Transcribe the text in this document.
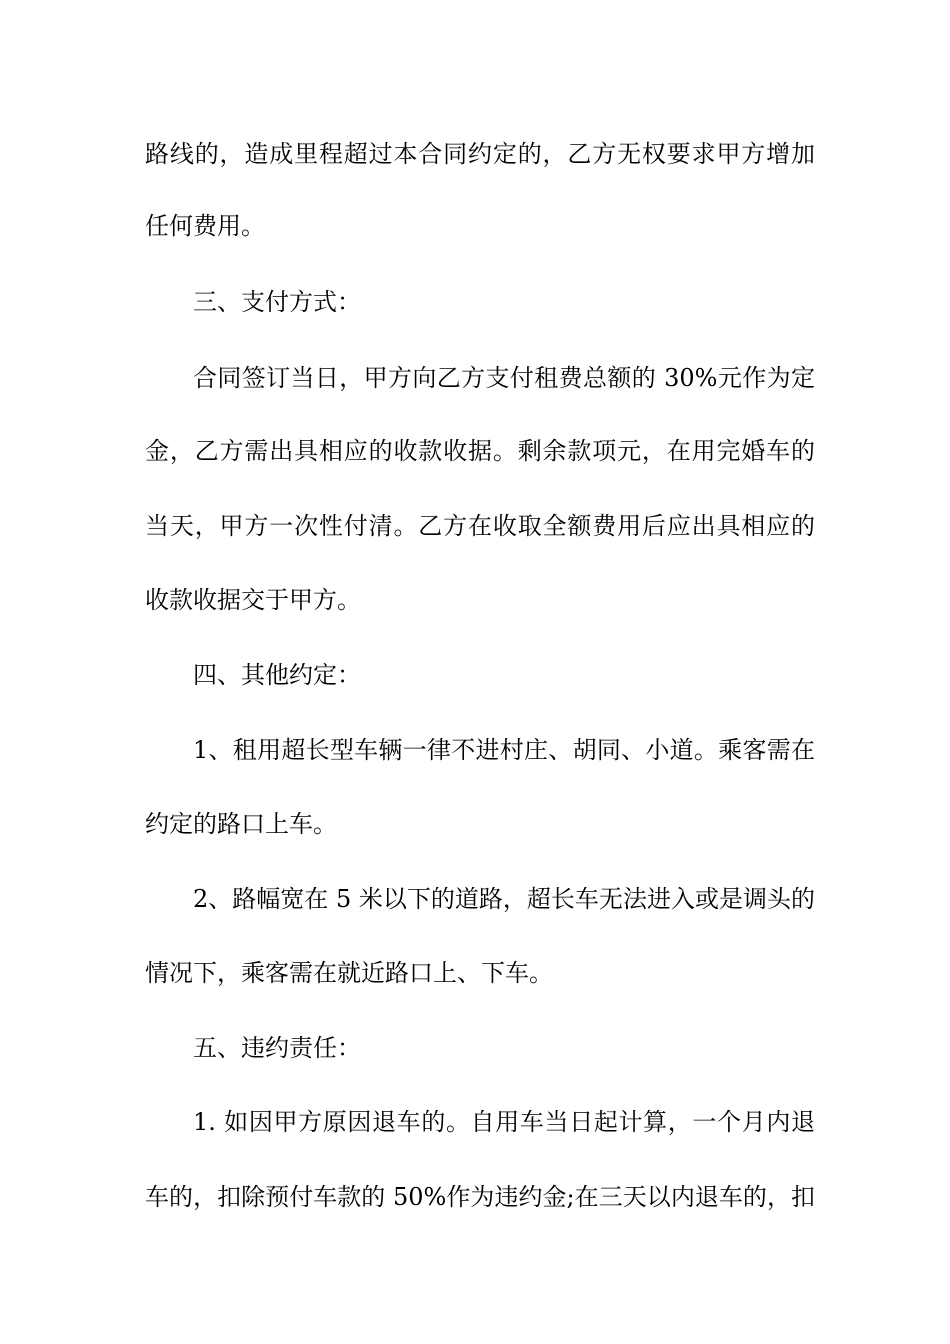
路线的，造成里程超过本合同约定的，乙方无权要求甲方增加

任何费用。

三、支付方式：

合同签订当日，甲方向乙方支付租费总额的 30%元作为定

金，乙方需出具相应的收款收据。剩余款项元，在用完婚车的

当天，甲方一次性付清。乙方在收取全额费用后应出具相应的

收款收据交于甲方。

四、其他约定：

1、租用超长型车辆一律不进村庄、胡同、小道。乘客需在

约定的路口上车。

2、路幅宽在 5 米以下的道路，超长车无法进入或是调头的

情况下，乘客需在就近路口上、下车。

五、违约责任：

1. 如因甲方原因退车的。自用车当日起计算，一个月内退

车的，扣除预付车款的 50%作为违约金;在三天以内退车的，扣
